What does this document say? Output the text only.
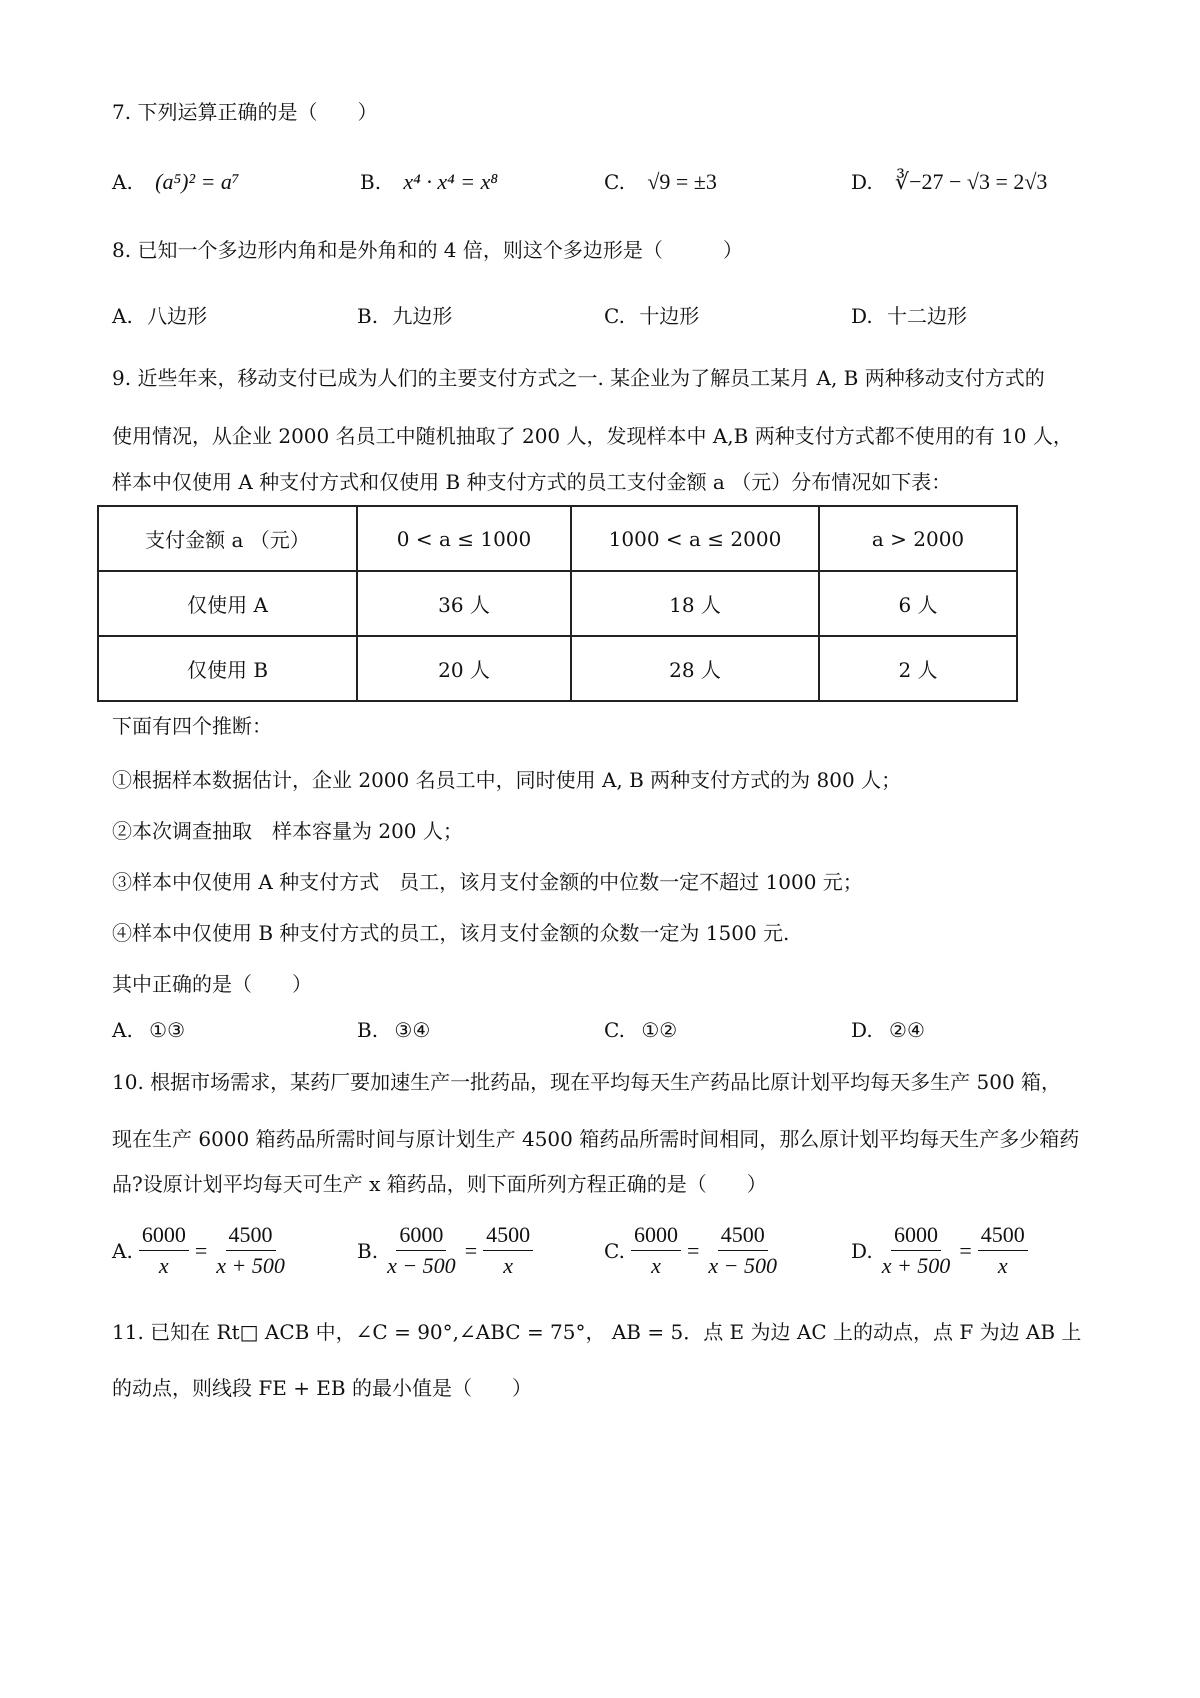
7. 下列运算正确的是（　　）
A. (a⁵)² = a⁷	B. x⁴ · x⁴ = x⁸	C. √9 = ±3	D. ∛−27 − √3 = 2√3
8. 已知一个多边形内角和是外角和的 4 倍，则这个多边形是（　　　）
A. 八边形	B. 九边形	C. 十边形	D. 十二边形
9. 近些年来，移动支付已成为人们的主要支付方式之一. 某企业为了解员工某月 A, B 两种移动支付方式的
使用情况，从企业 2000 名员工中随机抽取了 200 人，发现样本中 A,B 两种支付方式都不使用的有 10 人，
样本中仅使用 A 种支付方式和仅使用 B 种支付方式的员工支付金额 a （元）分布情况如下表：
支付金额 a （元）	0 < a ≤ 1000	1000 < a ≤ 2000	a > 2000
仅使用 A	36 人	18 人	6 人
仅使用 B	20 人	28 人	2 人
下面有四个推断：
①根据样本数据估计，企业 2000 名员工中，同时使用 A, B 两种支付方式的为 800 人；
②本次调查抽取　样本容量为 200 人；
③样本中仅使用 A 种支付方式　员工，该月支付金额的中位数一定不超过 1000 元；
④样本中仅使用 B 种支付方式的员工，该月支付金额的众数一定为 1500 元.
其中正确的是（　　）
A. ①③	B. ③④	C. ①②	D. ②④
10. 根据市场需求，某药厂要加速生产一批药品，现在平均每天生产药品比原计划平均每天多生产 500 箱，
现在生产 6000 箱药品所需时间与原计划生产 4500 箱药品所需时间相同，那么原计划平均每天生产多少箱药
品?设原计划平均每天可生产 x 箱药品，则下面所列方程正确的是（　　）
A. $\frac{6000}{x} = \frac{4500}{x + 500}$	B. $\frac{6000}{x - 500} = \frac{4500}{x}$	C. $\frac{6000}{x} = \frac{4500}{x - 500}$	D. $\frac{6000}{x + 500} = \frac{4500}{x}$
11. 已知在 Rt□ ACB 中，∠C = 90°,∠ABC = 75°， AB = 5．点 E 为边 AC 上的动点，点 F 为边 AB 上
的动点，则线段 FE + EB 的最小值是（　　）
